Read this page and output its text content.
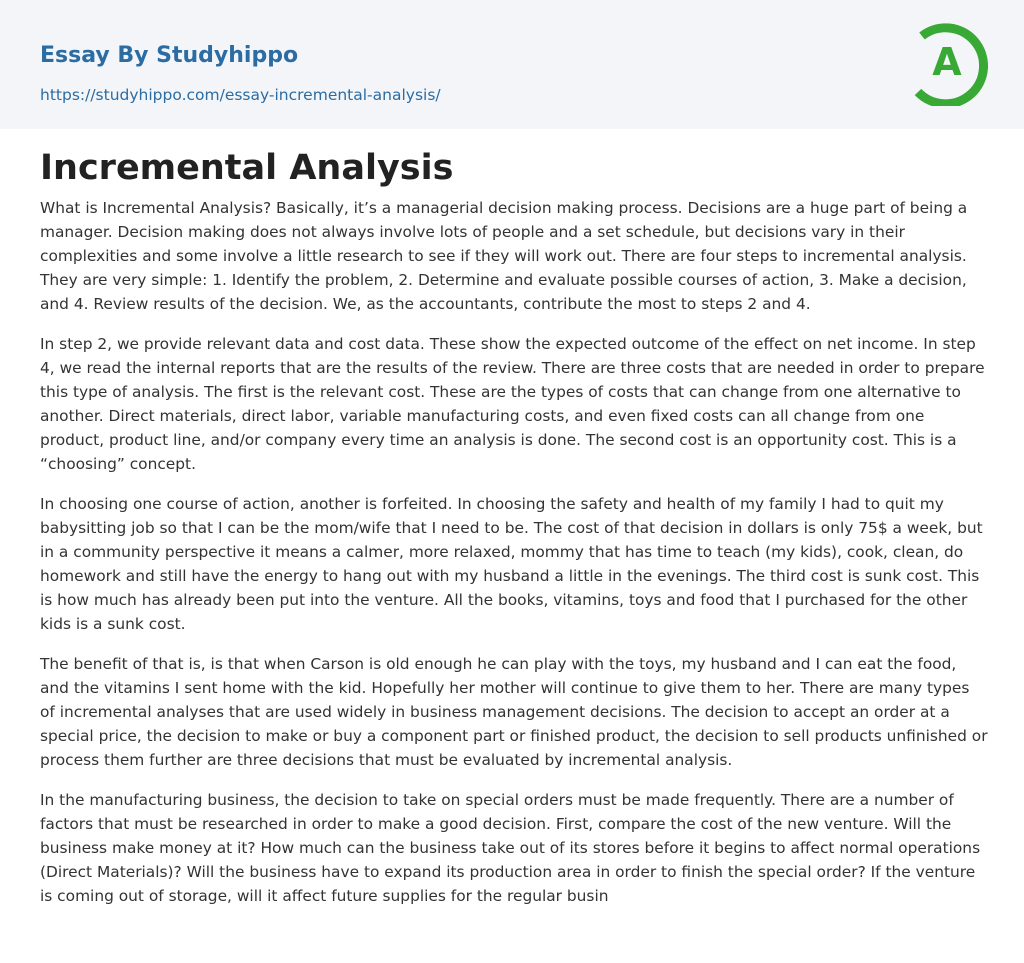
Essay By Studyhippo
https://studyhippo.com/essay-incremental-analysis/
A
Incremental Analysis

What is Incremental Analysis? Basically, it’s a managerial decision making process. Decisions are a huge part of being a manager. Decision making does not always involve lots of people and a set schedule, but decisions vary in their complexities and some involve a little research to see if they will work out. There are four steps to incremental analysis. They are very simple: 1. Identify the problem, 2. Determine and evaluate possible courses of action, 3. Make a decision, and 4. Review results of the decision. We, as the accountants, contribute the most to steps 2 and 4.

In step 2, we provide relevant data and cost data. These show the expected outcome of the effect on net income. In step 4, we read the internal reports that are the results of the review. There are three costs that are needed in order to prepare this type of analysis. The first is the relevant cost. These are the types of costs that can change from one alternative to another. Direct materials, direct labor, variable manufacturing costs, and even fixed costs can all change from one product, product line, and/or company every time an analysis is done. The second cost is an opportunity cost. This is a “choosing” concept.

In choosing one course of action, another is forfeited. In choosing the safety and health of my family I had to quit my babysitting job so that I can be the mom/wife that I need to be. The cost of that decision in dollars is only 75$ a week, but in a community perspective it means a calmer, more relaxed, mommy that has time to teach (my kids), cook, clean, do homework and still have the energy to hang out with my husband a little in the evenings. The third cost is sunk cost. This is how much has already been put into the venture. All the books, vitamins, toys and food that I purchased for the other kids is a sunk cost.

The benefit of that is, is that when Carson is old enough he can play with the toys, my husband and I can eat the food, and the vitamins I sent home with the kid. Hopefully her mother will continue to give them to her. There are many types of incremental analyses that are used widely in business management decisions. The decision to accept an order at a special price, the decision to make or buy a component part or finished product, the decision to sell products unfinished or process them further are three decisions that must be evaluated by incremental analysis.

In the manufacturing business, the decision to take on special orders must be made frequently. There are a number of factors that must be researched in order to make a good decision. First, compare the cost of the new venture. Will the business make money at it? How much can the business take out of its stores before it begins to affect normal operations (Direct Materials)? Will the business have to expand its production area in order to finish the special order? If the venture is coming out of storage, will it affect future supplies for the regular busin
